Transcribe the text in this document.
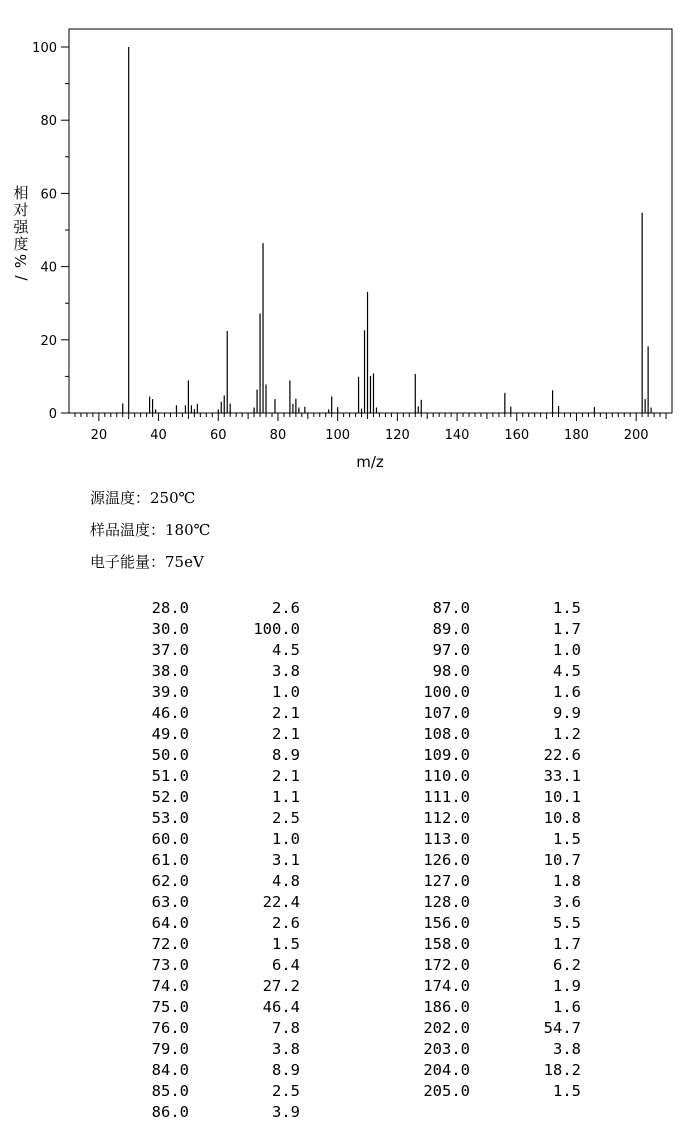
20	40	60	80	100	120	140	160	180	200
0
20
40
60
80
100
m/z
相
对
强
度
%
/
源温度：250℃
样品温度：180℃
电子能量：75eV
28.0	2.6
30.0	100.0
37.0	4.5
38.0	3.8
39.0	1.0
46.0	2.1
49.0	2.1
50.0	8.9
51.0	2.1
52.0	1.1
53.0	2.5
60.0	1.0
61.0	3.1
62.0	4.8
63.0	22.4
64.0	2.6
72.0	1.5
73.0	6.4
74.0	27.2
75.0	46.4
76.0	7.8
79.0	3.8
84.0	8.9
85.0	2.5
86.0	3.9
87.0	1.5
89.0	1.7
97.0	1.0
98.0	4.5
100.0	1.6
107.0	9.9
108.0	1.2
109.0	22.6
110.0	33.1
111.0	10.1
112.0	10.8
113.0	1.5
126.0	10.7
127.0	1.8
128.0	3.6
156.0	5.5
158.0	1.7
172.0	6.2
174.0	1.9
186.0	1.6
202.0	54.7
203.0	3.8
204.0	18.2
205.0	1.5
